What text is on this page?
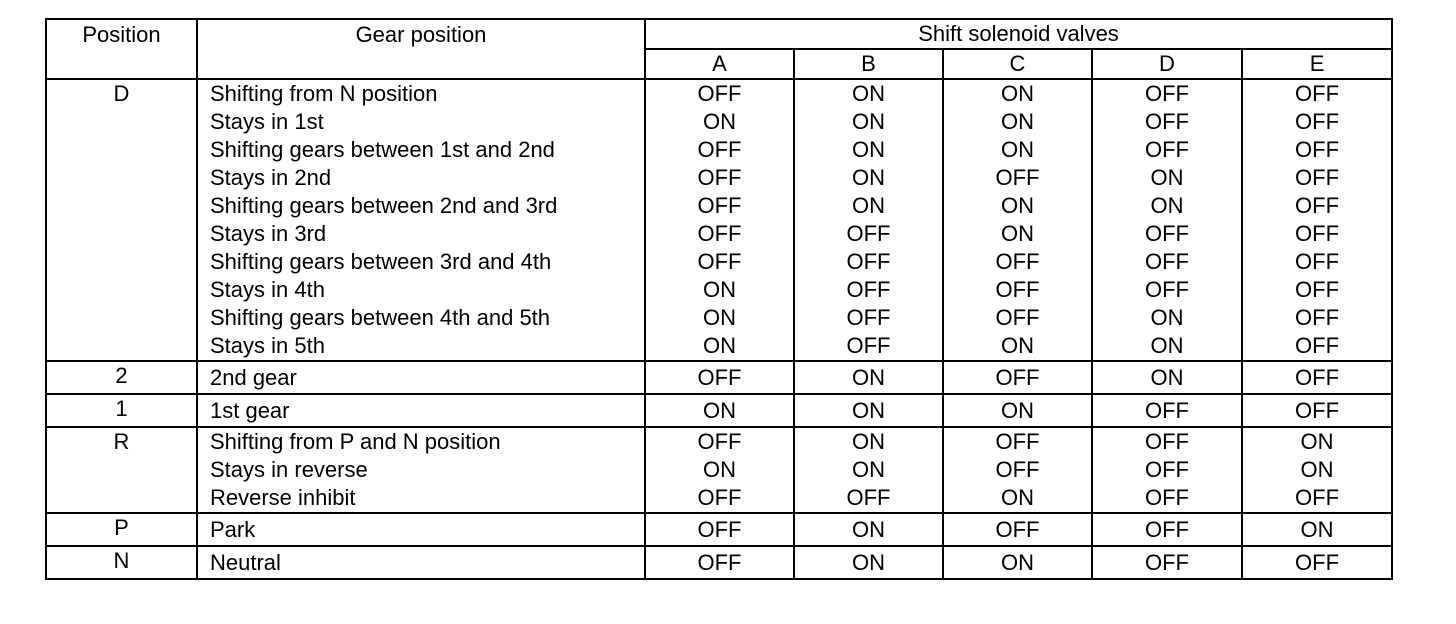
Position	Gear position	Shift solenoid valves				
		A	B	C	D	E
D	Shifting from N position	OFF	ON	ON	OFF	OFF
	Stays in 1st	ON	ON	ON	OFF	OFF
	Shifting gears between 1st and 2nd	OFF	ON	ON	OFF	OFF
	Stays in 2nd	OFF	ON	OFF	ON	OFF
	Shifting gears between 2nd and 3rd	OFF	ON	ON	ON	OFF
	Stays in 3rd	OFF	OFF	ON	OFF	OFF
	Shifting gears between 3rd and 4th	OFF	OFF	OFF	OFF	OFF
	Stays in 4th	ON	OFF	OFF	OFF	OFF
	Shifting gears between 4th and 5th	ON	OFF	OFF	ON	OFF
	Stays in 5th	ON	OFF	ON	ON	OFF
2	2nd gear	OFF	ON	OFF	ON	OFF
1	1st gear	ON	ON	ON	OFF	OFF
R	Shifting from P and N position	OFF	ON	OFF	OFF	ON
	Stays in reverse	ON	ON	OFF	OFF	ON
	Reverse inhibit	OFF	OFF	ON	OFF	OFF
P	Park	OFF	ON	OFF	OFF	ON
N	Neutral	OFF	ON	ON	OFF	OFF
